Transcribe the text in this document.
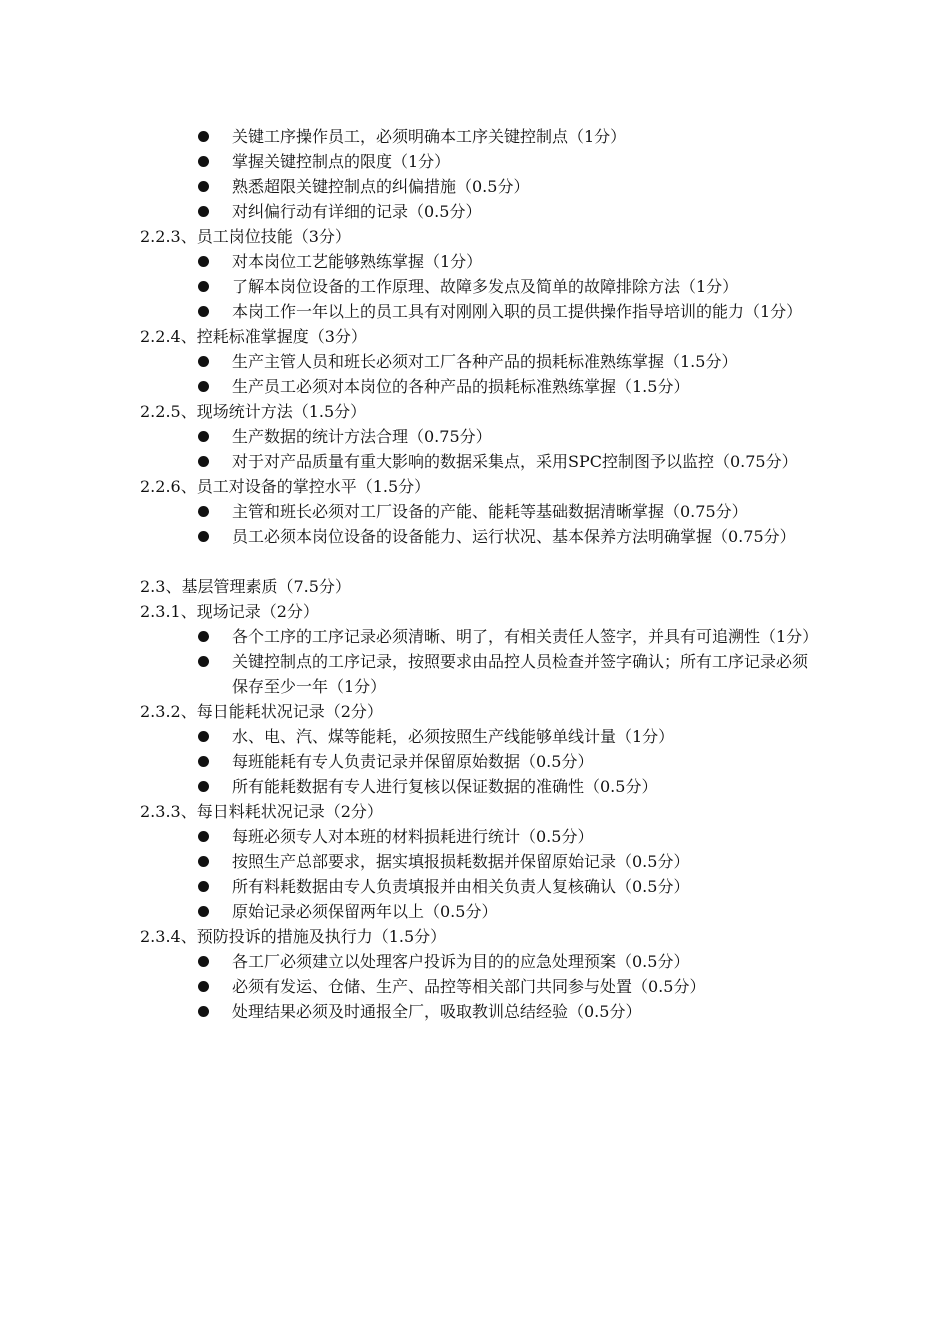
关键工序操作员工，必须明确本工序关键控制点（1分）
掌握关键控制点的限度（1分）
熟悉超限关键控制点的纠偏措施（0.5分）
对纠偏行动有详细的记录（0.5分）
2.2.3、员工岗位技能（3分）
对本岗位工艺能够熟练掌握（1分）
了解本岗位设备的工作原理、故障多发点及简单的故障排除方法（1分）
本岗工作一年以上的员工具有对刚刚入职的员工提供操作指导培训的能力（1分）
2.2.4、控耗标准掌握度（3分）
生产主管人员和班长必须对工厂各种产品的损耗标准熟练掌握（1.5分）
生产员工必须对本岗位的各种产品的损耗标准熟练掌握（1.5分）
2.2.5、现场统计方法（1.5分）
生产数据的统计方法合理（0.75分）
对于对产品质量有重大影响的数据采集点，采用SPC控制图予以监控（0.75分）
2.2.6、员工对设备的掌控水平（1.5分）
主管和班长必须对工厂设备的产能、能耗等基础数据清晰掌握（0.75分）
员工必须本岗位设备的设备能力、运行状况、基本保养方法明确掌握（0.75分）
2.3、基层管理素质（7.5分）
2.3.1、现场记录（2分）
各个工序的工序记录必须清晰、明了，有相关责任人签字，并具有可追溯性（1分）
关键控制点的工序记录，按照要求由品控人员检查并签字确认；所有工序记录必须保存至少一年（1分）
2.3.2、每日能耗状况记录（2分）
水、电、汽、煤等能耗，必须按照生产线能够单线计量（1分）
每班能耗有专人负责记录并保留原始数据（0.5分）
所有能耗数据有专人进行复核以保证数据的准确性（0.5分）
2.3.3、每日料耗状况记录（2分）
每班必须专人对本班的材料损耗进行统计（0.5分）
按照生产总部要求，据实填报损耗数据并保留原始记录（0.5分）
所有料耗数据由专人负责填报并由相关负责人复核确认（0.5分）
原始记录必须保留两年以上（0.5分）
2.3.4、预防投诉的措施及执行力（1.5分）
各工厂必须建立以处理客户投诉为目的的应急处理预案（0.5分）
必须有发运、仓储、生产、品控等相关部门共同参与处置（0.5分）
处理结果必须及时通报全厂，吸取教训总结经验（0.5分）
